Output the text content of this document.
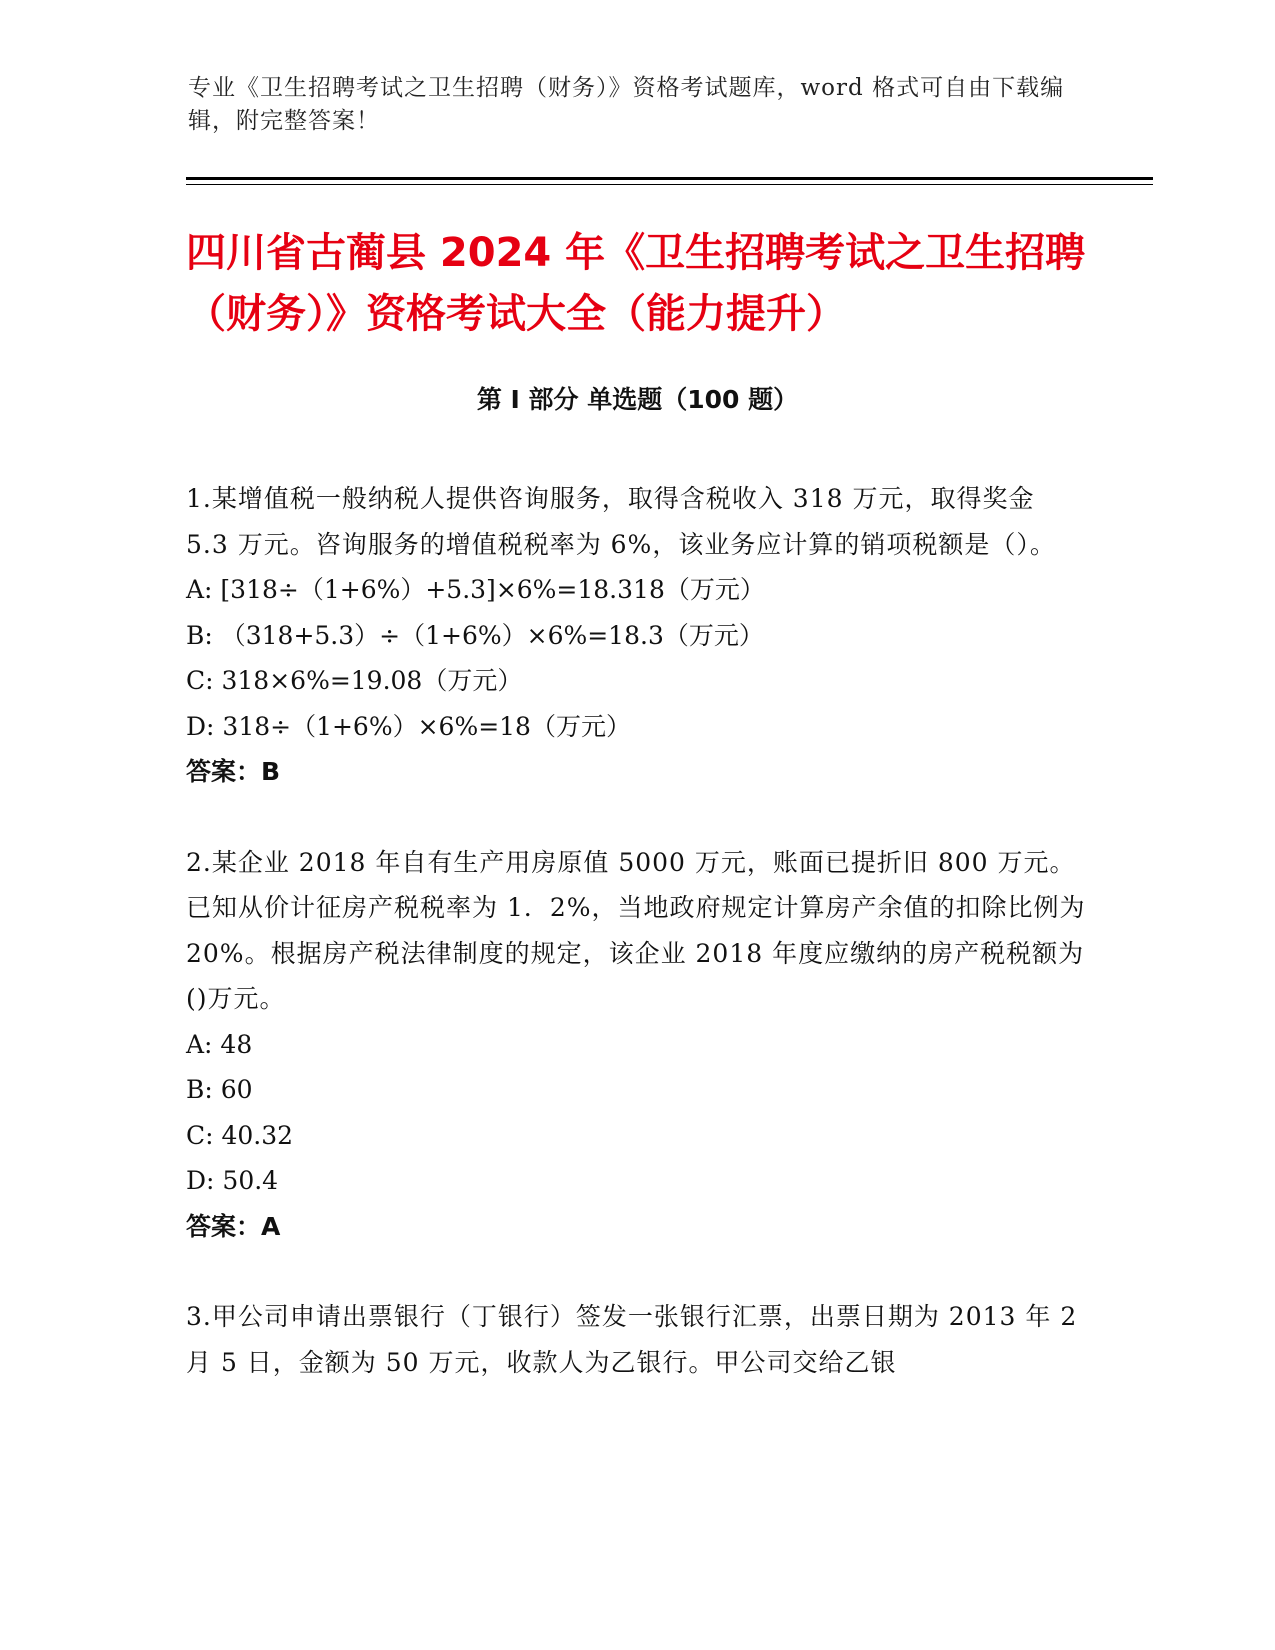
专业《卫生招聘考试之卫生招聘（财务）》资格考试题库，word 格式可自由下载编辑，附完整答案！
四川省古蔺县 2024 年《卫生招聘考试之卫生招聘（财务）》资格考试大全（能力提升）
第 I 部分 单选题（100 题）
1.某增值税一般纳税人提供咨询服务，取得含税收入 318 万元，取得奖金 5.3 万元。咨询服务的增值税税率为 6%，该业务应计算的销项税额是（）。
A: [318÷（1+6%）+5.3]×6%=18.318（万元）
B: （318+5.3）÷（1+6%）×6%=18.3（万元）
C: 318×6%=19.08（万元）
D: 318÷（1+6%）×6%=18（万元）
答案：B
2.某企业 2018 年自有生产用房原值 5000 万元，账面已提折旧 800 万元。已知从价计征房产税税率为 1．2%，当地政府规定计算房产余值的扣除比例为 20%。根据房产税法律制度的规定，该企业 2018 年度应缴纳的房产税税额为()万元。
A: 48
B: 60
C: 40.32
D: 50.4
答案：A
3.甲公司申请出票银行（丁银行）签发一张银行汇票，出票日期为 2013 年 2 月 5 日，金额为 50 万元，收款人为乙银行。甲公司交给乙银
